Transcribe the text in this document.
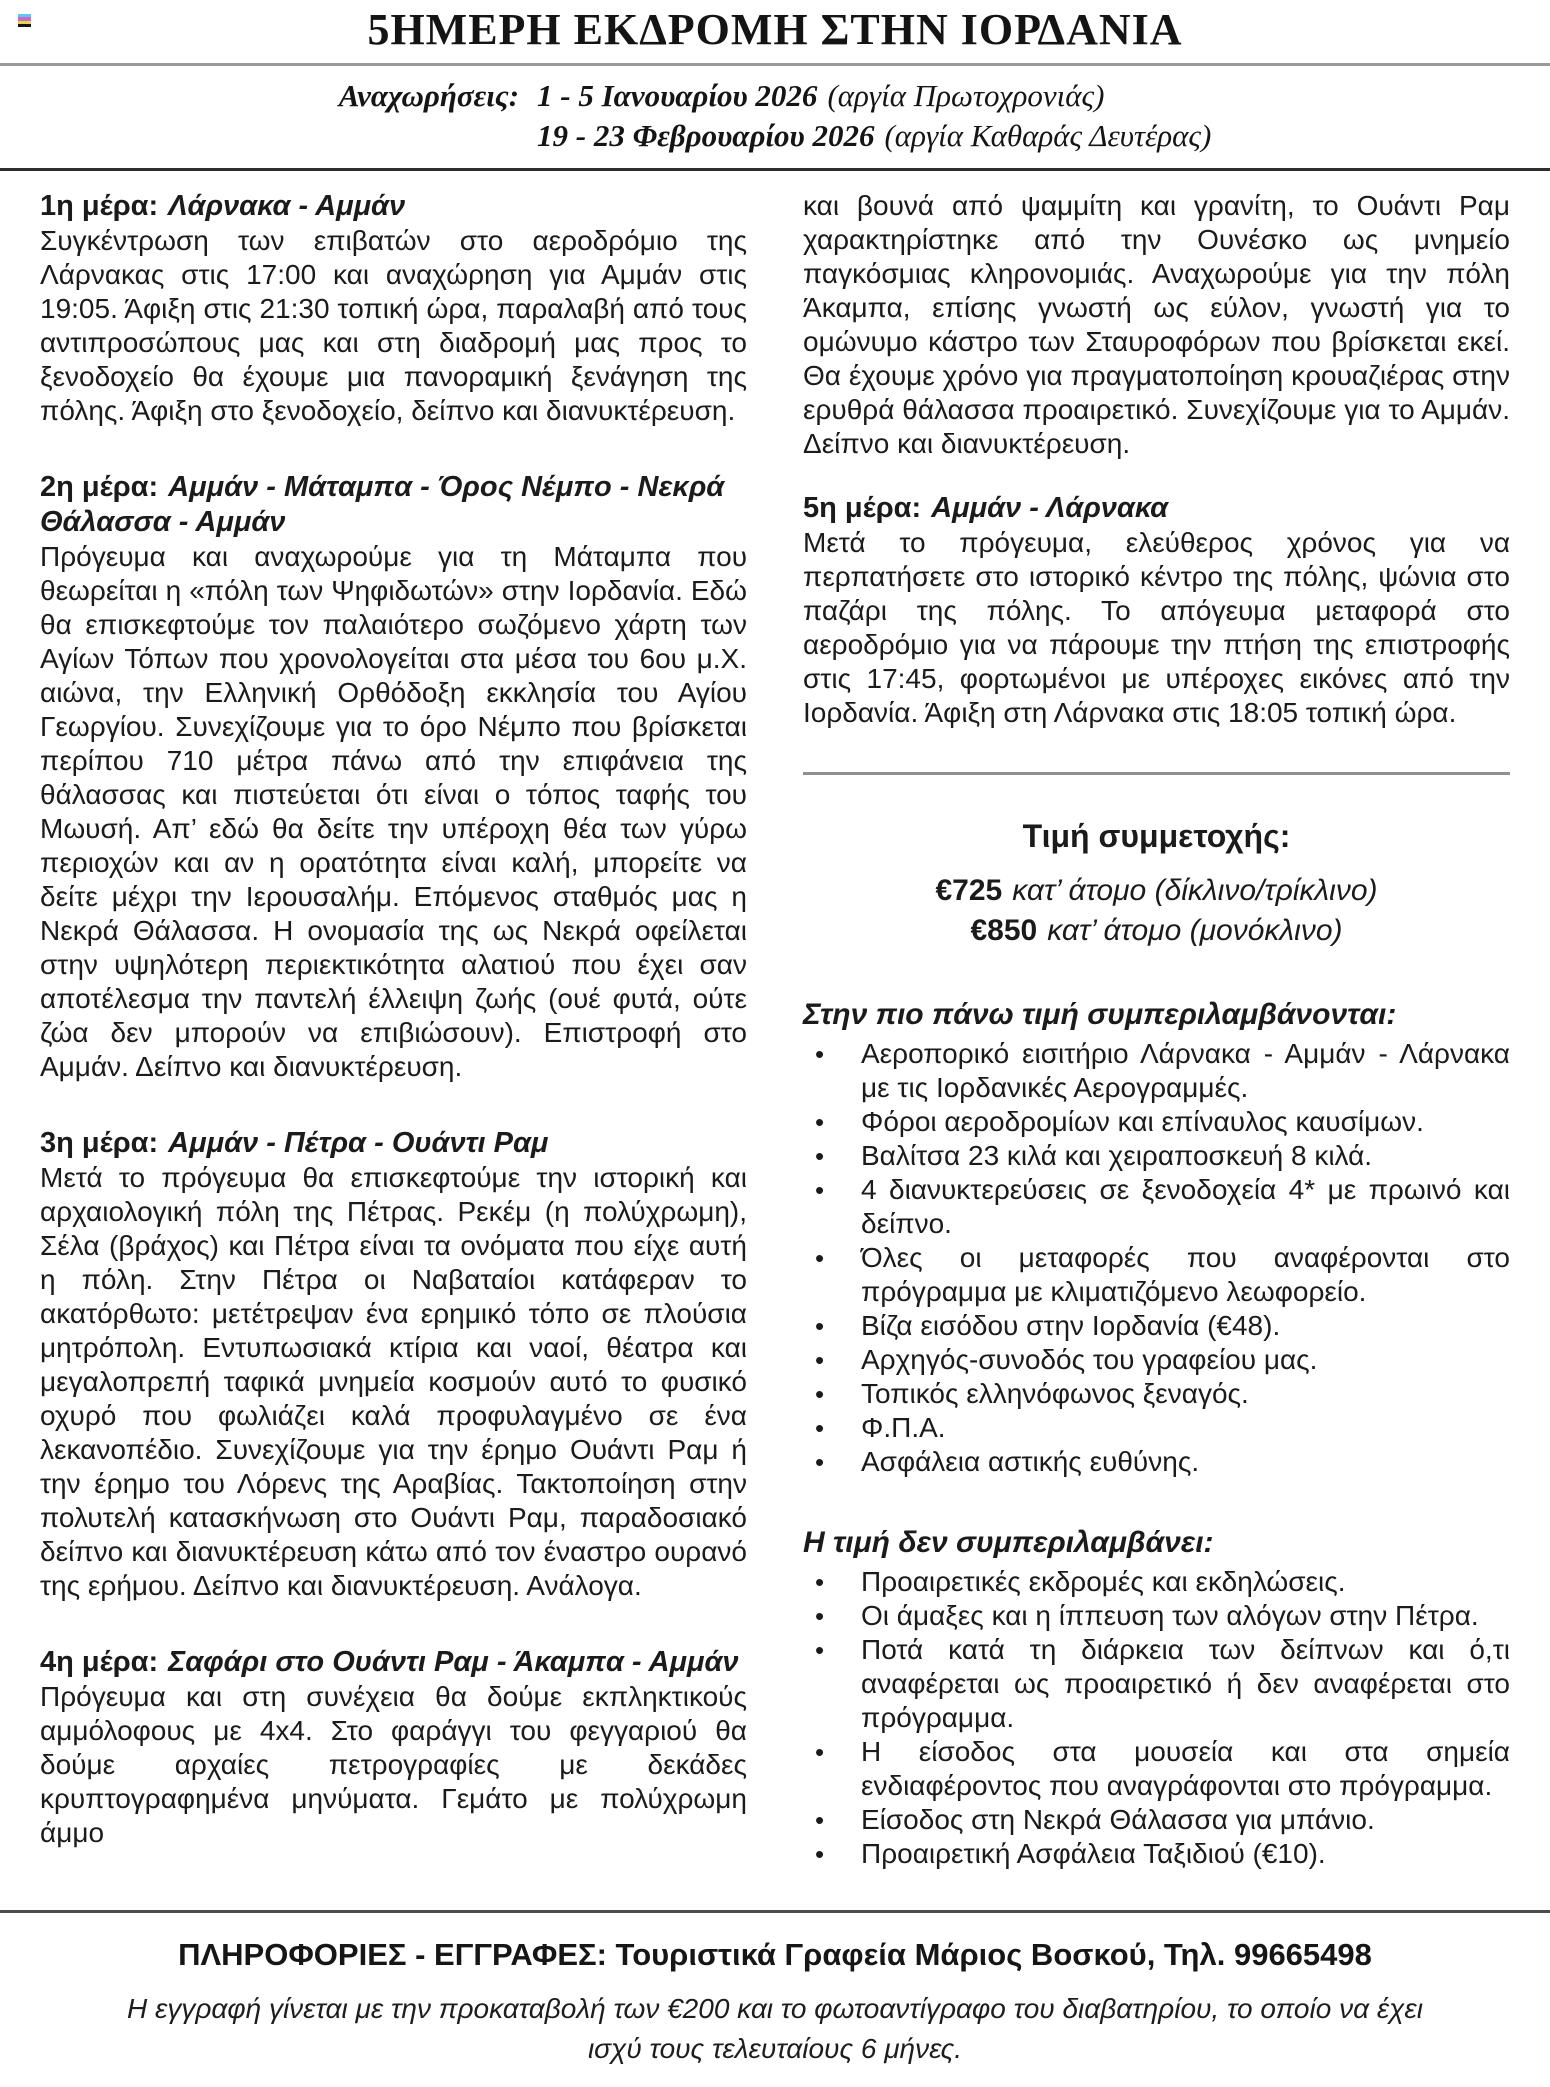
5ΗΜΕΡΗ ΕΚΔΡΟΜΗ ΣΤΗΝ ΙΟΡΔΑΝΙΑ
Αναχωρήσεις: 1 - 5 Ιανουαρίου 2026 (αργία Πρωτοχρονιάς)
19 - 23 Φεβρουαρίου 2026 (αργία Καθαράς Δευτέρας)
1η μέρα: Λάρνακα - Αμμάν

Συγκέντρωση των επιβατών στο αεροδρόμιο της Λάρνακας στις 17:00 και αναχώρηση για Αμμάν στις 19:05. Άφιξη στις 21:30 τοπική ώρα, παραλαβή από τους αντιπροσώπους μας και στη διαδρομή μας προς το ξενοδοχείο θα έχουμε μια πανοραμική ξενάγηση της πόλης. Άφιξη στο ξενοδοχείο, δείπνο και διανυκτέρευση.

2η μέρα: Αμμάν - Μάταμπα - Όρος Νέμπο - Νεκρά Θάλασσα - Αμμάν

Πρόγευμα και αναχωρούμε για τη Μάταμπα που θεωρείται η «πόλη των Ψηφιδωτών» στην Ιορδανία. Εδώ θα επισκεφτούμε τον παλαιότερο σωζόμενο χάρτη των Αγίων Τόπων που χρονολογείται στα μέσα του 6ου μ.Χ. αιώνα, την Ελληνική Ορθόδοξη εκκλησία του Αγίου Γεωργίου. Συνεχίζουμε για το όρο Νέμπο που βρίσκεται περίπου 710 μέτρα πάνω από την επιφάνεια της θάλασσας και πιστεύεται ότι είναι ο τόπος ταφής του Μωυσή. Απ’ εδώ θα δείτε την υπέροχη θέα των γύρω περιοχών και αν η ορατότητα είναι καλή, μπορείτε να δείτε μέχρι την Ιερουσαλήμ. Επόμενος σταθμός μας η Νεκρά Θάλασσα. Η ονομασία της ως Νεκρά οφείλεται στην υψηλότερη περιεκτικότητα αλατιού που έχει σαν αποτέλεσμα την παντελή έλλειψη ζωής (ουέ φυτά, ούτε ζώα δεν μπορούν να επιβιώσουν). Επιστροφή στο Αμμάν. Δείπνο και διανυκτέρευση.

3η μέρα: Αμμάν - Πέτρα - Ουάντι Ραμ

Μετά το πρόγευμα θα επισκεφτούμε την ιστορική και αρχαιολογική πόλη της Πέτρας. Ρεκέμ (η πολύχρωμη), Σέλα (βράχος) και Πέτρα είναι τα ονόματα που είχε αυτή η πόλη. Στην Πέτρα οι Ναβαταίοι κατάφεραν το ακατόρθωτο: μετέτρεψαν ένα ερημικό τόπο σε πλούσια μητρόπολη. Εντυπωσιακά κτίρια και ναοί, θέατρα και μεγαλοπρεπή ταφικά μνημεία κοσμούν αυτό το φυσικό οχυρό που φωλιάζει καλά προφυλαγμένο σε ένα λεκανοπέδιο. Συνεχίζουμε για την έρημο Ουάντι Ραμ ή την έρημο του Λόρενς της Αραβίας. Τακτοποίηση στην πολυτελή κατασκήνωση στο Ουάντι Ραμ, παραδοσιακό δείπνο και διανυκτέρευση κάτω από τον έναστρο ουρανό της ερήμου. Δείπνο και διανυκτέρευση. Ανάλογα.

4η μέρα: Σαφάρι στο Ουάντι Ραμ - Άκαμπα - Αμμάν

Πρόγευμα και στη συνέχεια θα δούμε εκπληκτικούς αμμόλοφους με 4x4. Στο φαράγγι του φεγγαριού θα δούμε αρχαίες πετρογραφίες με δεκάδες κρυπτογραφημένα μηνύματα. Γεμάτο με πολύχρωμη άμμο

και βουνά από ψαμμίτη και γρανίτη, το Ουάντι Ραμ χαρακτηρίστηκε από την Ουνέσκο ως μνημείο παγκόσμιας κληρονομιάς. Αναχωρούμε για την πόλη Άκαμπα, επίσης γνωστή ως εύλον, γνωστή για το ομώνυμο κάστρο των Σταυροφόρων που βρίσκεται εκεί. Θα έχουμε χρόνο για πραγματοποίηση κρουαζιέρας στην ερυθρά θάλασσα προαιρετικό. Συνεχίζουμε για το Αμμάν. Δείπνο και διανυκτέρευση.

5η μέρα: Αμμάν - Λάρνακα

Μετά το πρόγευμα, ελεύθερος χρόνος για να περπατήσετε στο ιστορικό κέντρο της πόλης, ψώνια στο παζάρι της πόλης. Το απόγευμα μεταφορά στο αεροδρόμιο για να πάρουμε την πτήση της επιστροφής στις 17:45, φορτωμένοι με υπέροχες εικόνες από την Ιορδανία. Άφιξη στη Λάρνακα στις 18:05 τοπική ώρα.

Τιμή συμμετοχής:

€725 κατ’ άτομο (δίκλινο/τρίκλινο)

€850 κατ’ άτομο (μονόκλινο)

Στην πιο πάνω τιμή συμπεριλαμβάνονται:
• Αεροπορικό εισιτήριο Λάρνακα - Αμμάν - Λάρνακα με τις Ιορδανικές Αερογραμμές.
• Φόροι αεροδρομίων και επίναυλος καυσίμων.
• Βαλίτσα 23 κιλά και χειραποσκευή 8 κιλά.
• 4 διανυκτερεύσεις σε ξενοδοχεία 4* με πρωινό και δείπνο.
• Όλες οι μεταφορές που αναφέρονται στο πρόγραμμα με κλιματιζόμενο λεωφορείο.
• Βίζα εισόδου στην Ιορδανία (€48).
• Αρχηγός-συνοδός του γραφείου μας.
• Τοπικός ελληνόφωνος ξεναγός.
• Φ.Π.Α.
• Ασφάλεια αστικής ευθύνης.
Η τιμή δεν συμπεριλαμβάνει:
• Προαιρετικές εκδρομές και εκδηλώσεις.
• Οι άμαξες και η ίππευση των αλόγων στην Πέτρα.
• Ποτά κατά τη διάρκεια των δείπνων και ό,τι αναφέρεται ως προαιρετικό ή δεν αναφέρεται στο πρόγραμμα.
• Η είσοδος στα μουσεία και στα σημεία ενδιαφέροντος που αναγράφονται στο πρόγραμμα.
• Είσοδος στη Νεκρά Θάλασσα για μπάνιο.
• Προαιρετική Ασφάλεια Ταξιδιού (€10).
ΠΛΗΡΟΦΟΡΙΕΣ - ΕΓΓΡΑΦΕΣ: Τουριστικά Γραφεία Μάριος Βοσκού, Τηλ. 99665498
Η εγγραφή γίνεται με την προκαταβολή των €200 και το φωτοαντίγραφο του διαβατηρίου, το οποίο να έχει ισχύ τους τελευταίους 6 μήνες.
